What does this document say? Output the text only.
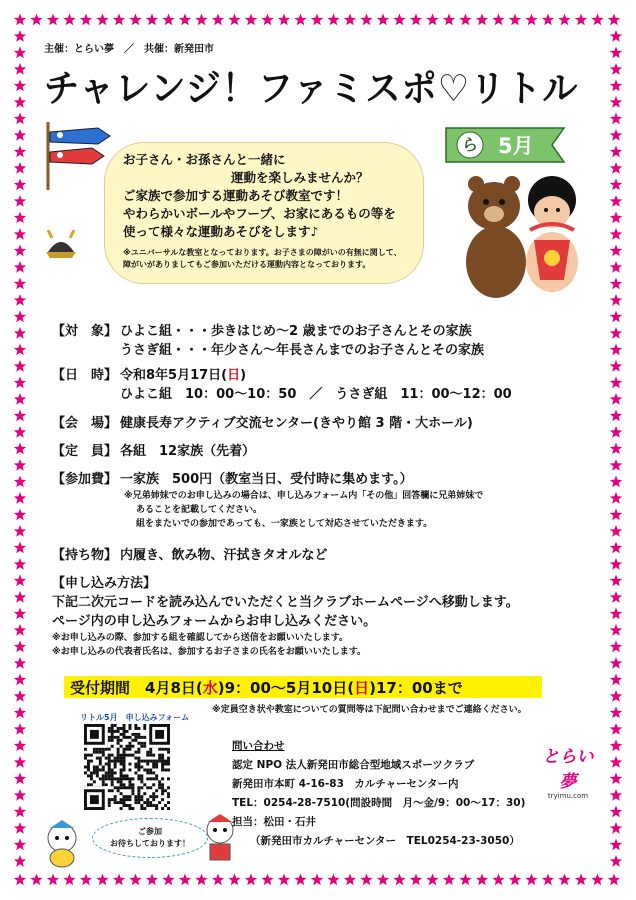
主催：とらい夢　／　共催：新発田市
チャレンジ！ファミスポ♡リトル
ら 5月
お子さん・お孫さんと一緒に
運動を楽しみませんか？
ご家族で参加する運動あそび教室です！
やわらかいボールやフープ、お家にあるもの等を
使って様々な運動あそびをします♪
※ユニバーサルな教室となっております。お子さまの障がいの有無に関して、
障がいがありましてもご参加いただける運動内容となっております。
【対　象】 ひよこ組・・・歩きはじめ～2 歳までのお子さんとその家族
うさぎ組・・・年少さん～年長さんまでのお子さんとその家族
【日　時】 令和8年5月17日(日)
ひよこ組　10：00～10：50　／　うさぎ組　11：00～12：00
【会　場】 健康長寿アクティブ交流センター(きやり館 3 階・大ホール)
【定　員】 各組　12家族（先着）
【参加費】 一家族　500円（教室当日、受付時に集めます。）
※兄弟姉妹でのお申し込みの場合は、申し込みフォーム内「その他」回答欄に兄弟姉妹で
あることを記載してください。
組をまたいでの参加であっても、一家族として対応させていただきます。
【持ち物】 内履き、飲み物、汗拭きタオルなど
【申し込み方法】
下記二次元コードを読み込んでいただくと当クラブホームページへ移動します。
ページ内の申し込みフォームからお申し込みください。
※お申し込みの際、参加する組を確認してから送信をお願いいたします。
※お申し込みの代表者氏名は、参加するお子さまの氏名をお願いいたします。
受付期間　4月8日(水)9：00～5月10日(日)17：00まで
※定員空き状や教室についての質問等は下記問い合わせまでご連絡ください。
リトル5月　申し込みフォーム
ご参加
お待ちしております！
問い合わせ
認定 NPO 法人新発田市総合型地域スポーツクラブ
新発田市本町 4-16-83　カルチャーセンター内
TEL：0254-28-7510(問設時間　月～金/9：00～17：30)
担当：松田・石井
（新発田市カルチャーセンター　TEL0254-23-3050）
とらい夢
tryimu.com
